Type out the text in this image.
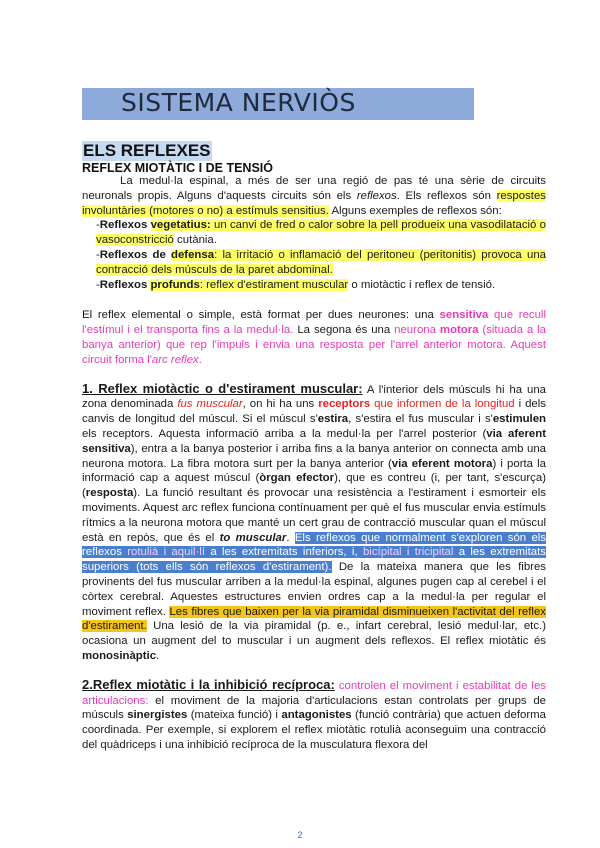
SISTEMA NERVIÒS
ELS REFLEXES
REFLEX MIOTÀTIC I DE TENSIÓ

La medul·la espinal, a més de ser una regió de pas té una sèrie de circuits neuronals propis. Alguns d'aquests circuits són els reflexos. Els reflexos són respostes involuntàries (motores o no) a estímuls sensitius. Alguns exemples de reflexos són:

-Reflexos vegetatius: un canvi de fred o calor sobre la pell produeix una vasodilatació o vasoconstricció cutània.

-Reflexos de defensa: la irritació o inflamació del peritoneu (peritonitis) provoca una contracció dels músculs de la paret abdominal.

-Reflexos profunds: reflex d'estirament muscular o miotàctic i reflex de tensió.

El reflex elemental o simple, està format per dues neurones: una sensitiva que recull l'estímul i el transporta fins a la medul·la. La segona és una neurona motora (situada a la banya anterior) que rep l'impuls i envia una resposta per l'arrel anterior motora. Aquest circuit forma l'arc reflex.

1. Reflex miotàctic o d'estirament muscular: A l'interior dels músculs hi ha una zona denominada fus muscular, on hi ha uns receptors que informen de la longitud i dels canvis de longitud del múscul. Si el múscul s'estira, s'estira el fus muscular i s'estimulen els receptors. Aquesta informació arriba a la medul·la per l'arrel posterior (via aferent sensitiva), entra a la banya posterior i arriba fins a la banya anterior on connecta amb una neurona motora. La fibra motora surt per la banya anterior (via eferent motora) i porta la informació cap a aquest múscul (òrgan efector), que es contreu (i, per tant, s'escurça) (resposta). La funció resultant és provocar una resistència a l'estirament i esmorteir els moviments. Aquest arc reflex funciona contínuament per què el fus muscular envia estímuls rítmics a la neurona motora que manté un cert grau de contracció muscular quan el múscul està en repòs, que és el to muscular. Els reflexos que normalment s'exploren són els reflexos rotulià i aquil·lí a les extremitats inferiors, i, bicípital i tricipital a les extremitats superiors (tots ells són reflexos d'estirament). De la mateixa manera que les fibres provinents del fus muscular arriben a la medul·la espinal, algunes pugen cap al cerebel i el còrtex cerebral. Aquestes estructures envien ordres cap a la medul·la per regular el moviment reflex. Les fibres que baixen per la via piramidal disminueixen l'activitat del reflex d'estirament. Una lesió de la via piramidal (p. e., infart cerebral, lesió medul·lar, etc.) ocasiona un augment del to muscular i un augment dels reflexos. El reflex miotàtic és monosinàptic.

2.Reflex miotàtic i la inhibició recíproca: controlen el moviment i estabilitat de les articulacions: el moviment de la majoria d'articulacions estan controlats per grups de músculs sinergistes (mateixa funció) i antagonistes (funció contrària) que actuen deforma coordinada. Per exemple, si explorem el reflex miotàtic rotulià aconseguim una contracció del quàdriceps i una inhibició recíproca de la musculatura flexora del

2
